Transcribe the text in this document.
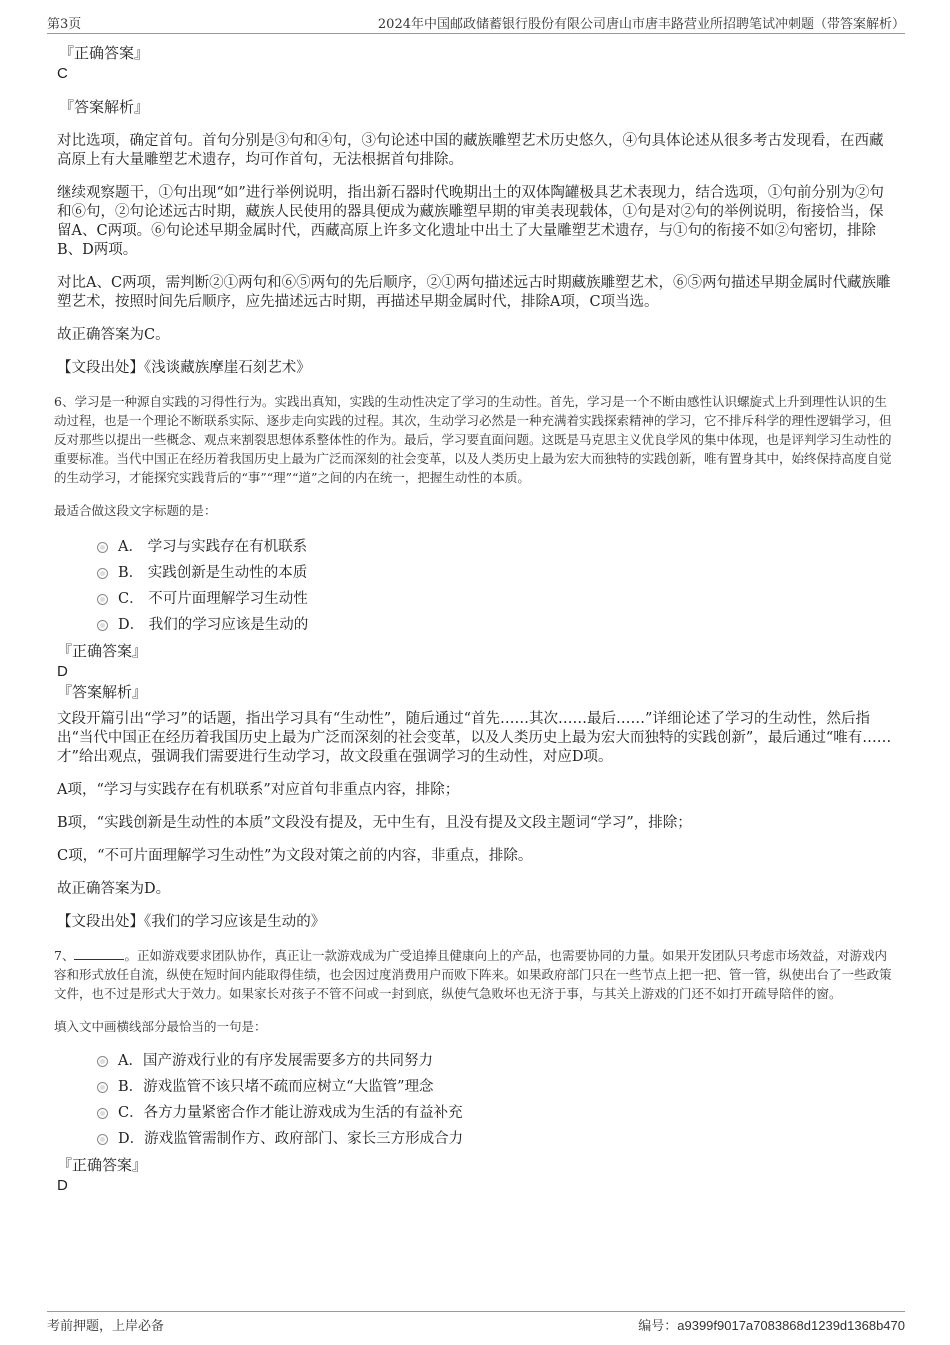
第3页	2024年中国邮政储蓄银行股份有限公司唐山市唐丰路营业所招聘笔试冲刺题（带答案解析）
『正确答案』
C
『答案解析』

对比选项，确定首句。首句分别是③句和④句，③句论述中国的藏族雕塑艺术历史悠久，④句具体论述从很多考古发现看，在西藏高原上有大量雕塑艺术遗存，均可作首句，无法根据首句排除。

继续观察题干，①句出现“如”进行举例说明，指出新石器时代晚期出土的双体陶罐极具艺术表现力，结合选项，①句前分别为②句和⑥句，②句论述远古时期，藏族人民使用的器具便成为藏族雕塑早期的审美表现载体，①句是对②句的举例说明，衔接恰当，保留A、C两项。⑥句论述早期金属时代，西藏高原上许多文化遗址中出土了大量雕塑艺术遗存，与①句的衔接不如②句密切，排除B、D两项。

对比A、C两项，需判断②①两句和⑥⑤两句的先后顺序，②①两句描述远古时期藏族雕塑艺术，⑥⑤两句描述早期金属时代藏族雕塑艺术，按照时间先后顺序，应先描述远古时期，再描述早期金属时代，排除A项，C项当选。

故正确答案为C。

【文段出处】《浅谈藏族摩崖石刻艺术》

6、学习是一种源自实践的习得性行为。实践出真知，实践的生动性决定了学习的生动性。首先，学习是一个不断由感性认识螺旋式上升到理性认识的生动过程，也是一个理论不断联系实际、逐步走向实践的过程。其次，生动学习必然是一种充满着实践探索精神的学习，它不排斥科学的理性逻辑学习，但反对那些以提出一些概念、观点来割裂思想体系整体性的作为。最后，学习要直面问题。这既是马克思主义优良学风的集中体现，也是评判学习生动性的重要标准。当代中国正在经历着我国历史上最为广泛而深刻的社会变革，以及人类历史上最为宏大而独特的实践创新，唯有置身其中，始终保持高度自觉的生动学习，才能探究实践背后的“事”“理”“道”之间的内在统一，把握生动性的本质。

最适合做这段文字标题的是：
A． 学习与实践存在有机联系
B． 实践创新是生动性的本质
C． 不可片面理解学习生动性
D． 我们的学习应该是生动的
『正确答案』
D
『答案解析』

文段开篇引出“学习”的话题，指出学习具有“生动性”，随后通过“首先……其次……最后……”详细论述了学习的生动性，然后指出“当代中国正在经历着我国历史上最为广泛而深刻的社会变革，以及人类历史上最为宏大而独特的实践创新”，最后通过“唯有……才”给出观点，强调我们需要进行生动学习，故文段重在强调学习的生动性，对应D项。

A项，“学习与实践存在有机联系”对应首句非重点内容，排除；

B项，“实践创新是生动性的本质”文段没有提及，无中生有，且没有提及文段主题词“学习”，排除；

C项，“不可片面理解学习生动性”为文段对策之前的内容，非重点，排除。

故正确答案为D。

【文段出处】《我们的学习应该是生动的》

7、	。正如游戏要求团队协作，真正让一款游戏成为广受追捧且健康向上的产品，也需要协同的力量。如果开发团队只考虑市场效益，对游戏内容和形式放任自流，纵使在短时间内能取得佳绩，也会因过度消费用户而败下阵来。如果政府部门只在一些节点上把一把、管一管，纵使出台了一些政策文件，也不过是形式大于效力。如果家长对孩子不管不问或一封到底，纵使气急败坏也无济于事，与其关上游戏的门还不如打开疏导陪伴的窗。

填入文中画横线部分最恰当的一句是：
A．国产游戏行业的有序发展需要多方的共同努力
B．游戏监管不该只堵不疏而应树立“大监管”理念
C．各方力量紧密合作才能让游戏成为生活的有益补充
D．游戏监管需制作方、政府部门、家长三方形成合力
『正确答案』
D
考前押题，上岸必备	编号：a9399f9017a7083868d1239d1368b470
